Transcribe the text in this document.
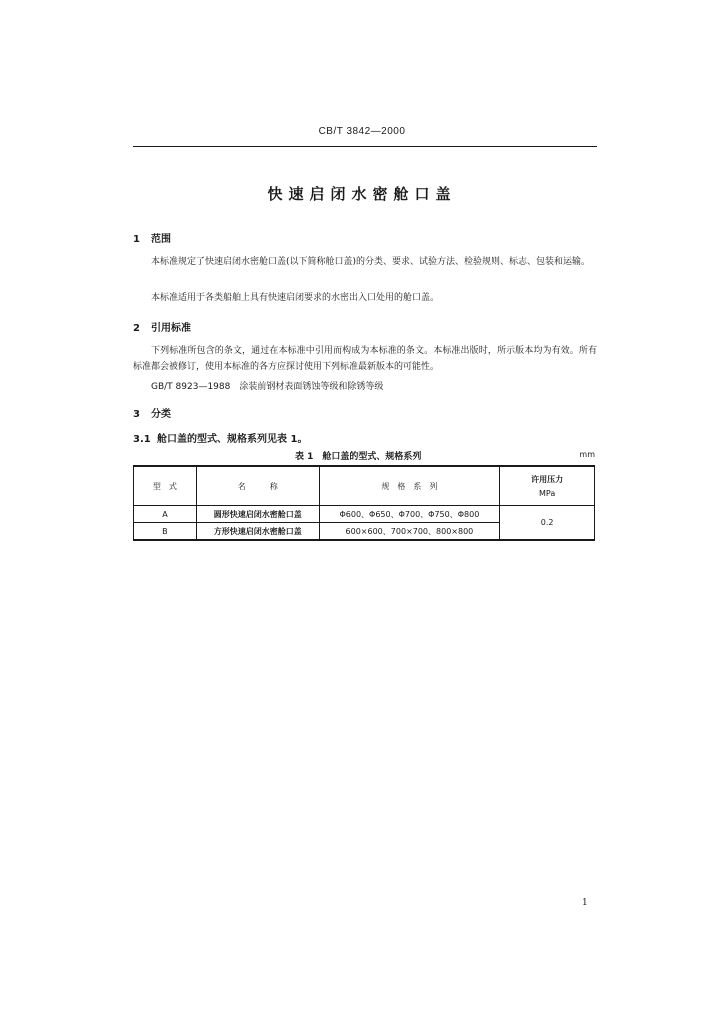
CB/T 3842—2000
快速启闭水密舱口盖
1 范围
本标准规定了快速启闭水密舱口盖(以下简称舱口盖)的分类、要求、试验方法、检验规则、标志、包装和运输。
本标准适用于各类船舶上具有快速启闭要求的水密出入口处用的舱口盖。
2 引用标准
下列标准所包含的条文，通过在本标准中引用而构成为本标准的条文。本标准出版时，所示版本均为有效。所有标准都会被修订，使用本标准的各方应探讨使用下列标准最新版本的可能性。
GB/T 8923—1988　涂装前钢材表面锈蚀等级和除锈等级
3 分类
3.1 舱口盖的型式、规格系列见表 1。
表 1　舱口盖的型式、规格系列	mm
型　式	名　　　称	规　格　系　列	许用压力
MPa

A	圆形快速启闭水密舱口盖	Φ600、Φ650、Φ700、Φ750、Φ800	0.2
B	方形快速启闭水密舱口盖	600×600、700×700、800×800	
1
